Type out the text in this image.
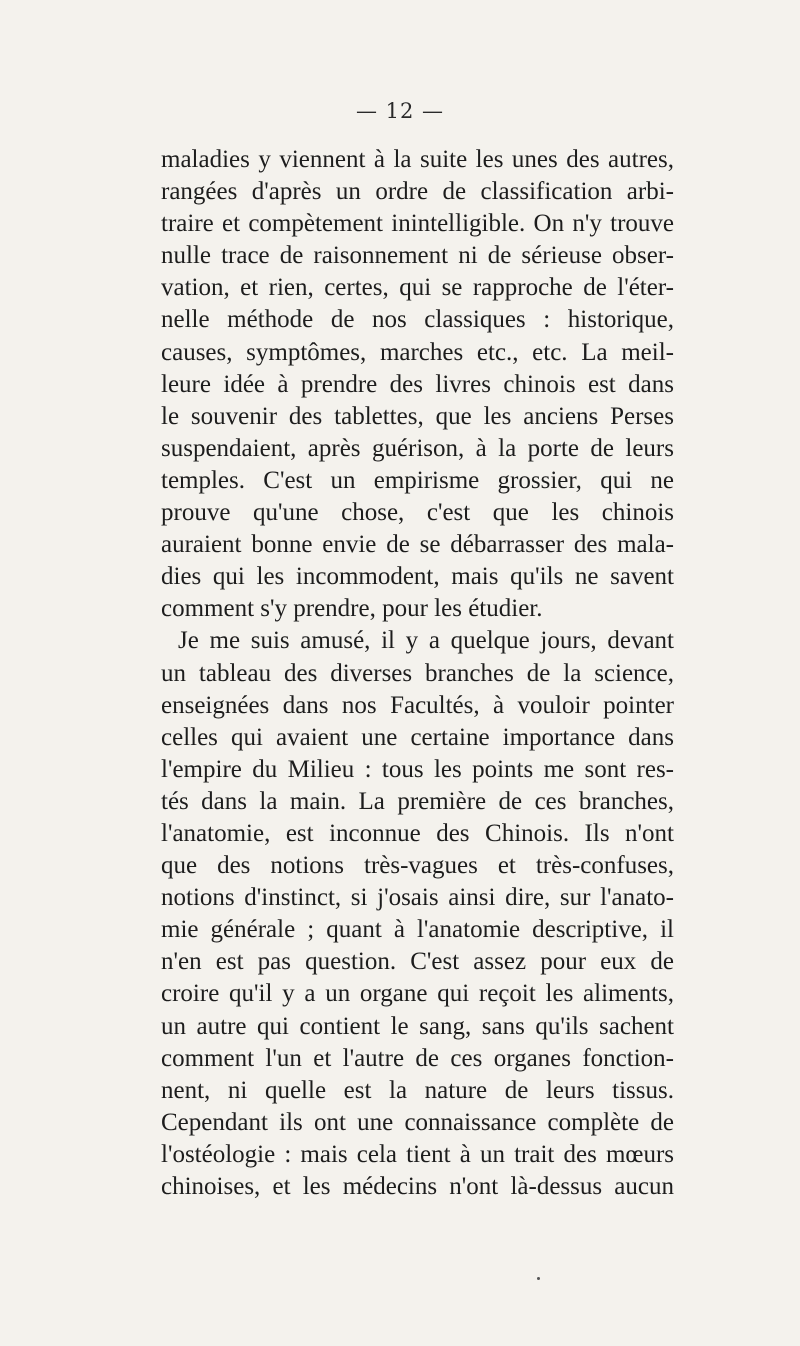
— 12 —
maladies y viennent à la suite les unes des autres,
rangées d'après un ordre de classification arbi-
traire et compètement inintelligible. On n'y trouve
nulle trace de raisonnement ni de sérieuse obser-
vation, et rien, certes, qui se rapproche de l'éter-
nelle méthode de nos classiques : historique,
causes, symptômes, marches etc., etc. La meil-
leure idée à prendre des livres chinois est dans
le souvenir des tablettes, que les anciens Perses
suspendaient, après guérison, à la porte de leurs
temples. C'est un empirisme grossier, qui ne
prouve qu'une chose, c'est que les chinois
auraient bonne envie de se débarrasser des mala-
dies qui les incommodent, mais qu'ils ne savent
comment s'y prendre, pour les étudier.
Je me suis amusé, il y a quelque jours, devant
un tableau des diverses branches de la science,
enseignées dans nos Facultés, à vouloir pointer
celles qui avaient une certaine importance dans
l'empire du Milieu : tous les points me sont res-
tés dans la main. La première de ces branches,
l'anatomie, est inconnue des Chinois. Ils n'ont
que des notions très-vagues et très-confuses,
notions d'instinct, si j'osais ainsi dire, sur l'anato-
mie générale ; quant à l'anatomie descriptive, il
n'en est pas question. C'est assez pour eux de
croire qu'il y a un organe qui reçoit les aliments,
un autre qui contient le sang, sans qu'ils sachent
comment l'un et l'autre de ces organes fonction-
nent, ni quelle est la nature de leurs tissus.
Cependant ils ont une connaissance complète de
l'ostéologie : mais cela tient à un trait des mœurs
chinoises, et les médecins n'ont là-dessus aucun
